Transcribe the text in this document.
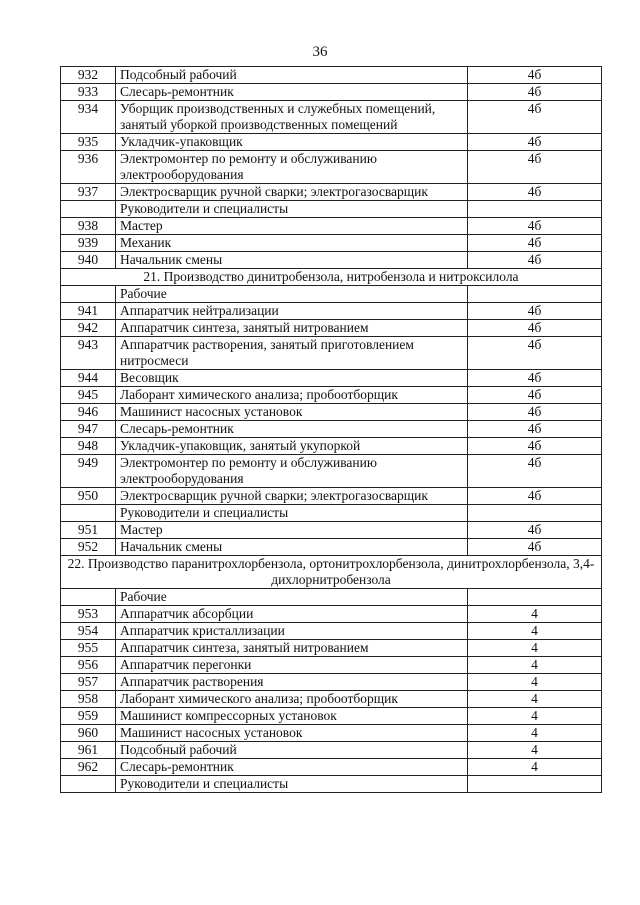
36
932	Подсобный рабочий	4б
933	Слесарь-ремонтник	4б
934	Уборщик производственных и служебных помещений, занятый уборкой производственных помещений	4б
935	Укладчик-упаковщик	4б
936	Электромонтер по ремонту и обслуживанию электрооборудования	4б
937	Электросварщик ручной сварки; электрогазосварщик	4б
	Руководители и специалисты	
938	Мастер	4б
939	Механик	4б
940	Начальник смены	4б
21. Производство динитробензола, нитробензола и нитроксилола		
	Рабочие	
941	Аппаратчик нейтрализации	4б
942	Аппаратчик синтеза, занятый нитрованием	4б
943	Аппаратчик растворения, занятый приготовлением нитросмеси	4б
944	Весовщик	4б
945	Лаборант химического анализа; пробоотборщик	4б
946	Машинист насосных установок	4б
947	Слесарь-ремонтник	4б
948	Укладчик-упаковщик, занятый укупоркой	4б
949	Электромонтер по ремонту и обслуживанию электрооборудования	4б
950	Электросварщик ручной сварки; электрогазосварщик	4б
	Руководители и специалисты	
951	Мастер	4б
952	Начальник смены	4б
22. Производство паранитрохлорбензола, ортонитрохлорбензола, динитрохлорбензола, 3,4-дихлорнитробензола		
	Рабочие	
953	Аппаратчик абсорбции	4
954	Аппаратчик кристаллизации	4
955	Аппаратчик синтеза, занятый нитрованием	4
956	Аппаратчик перегонки	4
957	Аппаратчик растворения	4
958	Лаборант химического анализа; пробоотборщик	4
959	Машинист компрессорных установок	4
960	Машинист насосных установок	4
961	Подсобный рабочий	4
962	Слесарь-ремонтник	4
	Руководители и специалисты	
